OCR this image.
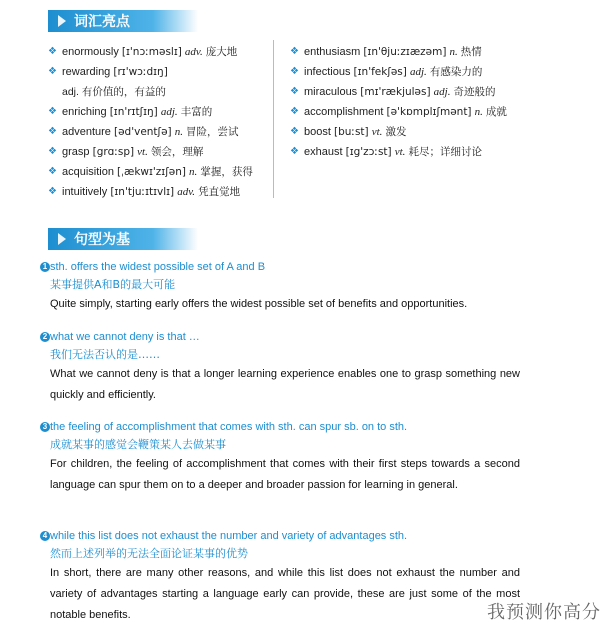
词汇亮点
❖ enormously [ɪ'nɔːməslɪ] adv. 庞大地
❖ rewarding [rɪ'wɔːdɪŋ]
adj. 有价值的，有益的
❖ enriching [ɪn'rɪtʃɪŋ] adj. 丰富的
❖ adventure [əd'ventʃə] n. 冒险，尝试
❖ grasp [grɑːsp] vt. 领会，理解
❖ acquisition [ˌækwɪ'zɪʃən] n. 掌握，获得
❖ intuitively [ɪn'tjuːɪtɪvlɪ] adv. 凭直觉地
❖ enthusiasm [ɪn'θjuːzɪæzəm] n. 热情
❖ infectious [ɪn'fekʃəs] adj. 有感染力的
❖ miraculous [mɪ'rækjuləs] adj. 奇迹般的
❖ accomplishment [ə'kɒmplɪʃmənt] n. 成就
❖ boost [buːst] vt. 激发
❖ exhaust [ɪg'zɔːst] vt. 耗尽；详细讨论
句型为基
1 sth. offers the widest possible set of A and B
某事提供A和B的最大可能
Quite simply, starting early offers the widest possible set of benefits and opportunities.
2 what we cannot deny is that …
我们无法否认的是……
What we cannot deny is that a longer learning experience enables one to grasp something new quickly and efficiently.
3 the feeling of accomplishment that comes with sth. can spur sb. on to sth.
成就某事的感觉会鞭策某人去做某事
For children, the feeling of accomplishment that comes with their first steps towards a second language can spur them on to a deeper and broader passion for learning in general.
4 while this list does not exhaust the number and variety of advantages sth.
然而上述列举的无法全面论证某事的优势
In short, there are many other reasons, and while this list does not exhaust the number and variety of advantages starting a language early can provide, these are just some of the most notable benefits.	我预测你高分
